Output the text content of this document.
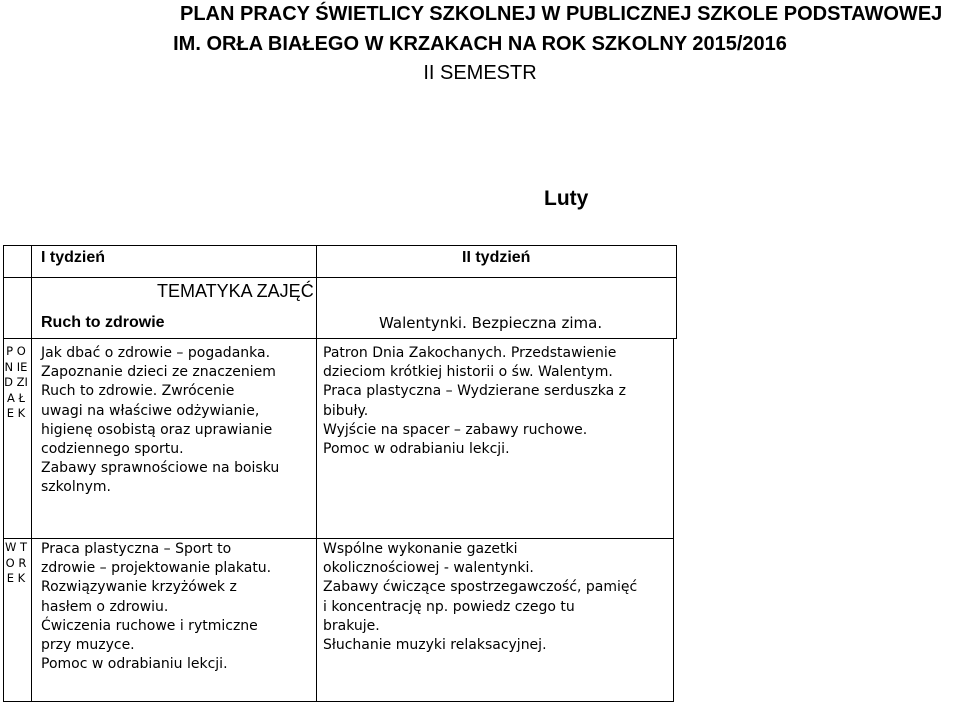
PLAN PRACY ŚWIETLICY SZKOLNEJ W PUBLICZNEJ SZKOLE PODSTAWOWEJ
IM. ORŁA BIAŁEGO W KRZAKACH NA ROK SZKOLNY 2015/2016
II SEMESTR
Luty
P O N IE D ZI A Ł E K
W T O R E K
I tydzień	II tydzień
TEMATYKA ZAJĘĆ
Ruch to zdrowie	Walentynki. Bezpieczna zima.
Jak dbać o zdrowie – pogadanka.
Zapoznanie dzieci ze znaczeniem
Ruch to zdrowie. Zwrócenie
uwagi na właściwe odżywianie,
higienę osobistą oraz uprawianie
codziennego sportu.
Zabawy sprawnościowe na boisku
szkolnym.
Patron Dnia Zakochanych. Przedstawienie
dzieciom krótkiej historii o św. Walentym.
Praca plastyczna – Wydzierane serduszka z
bibuły.
Wyjście na spacer – zabawy ruchowe.
Pomoc w odrabianiu lekcji.
Praca plastyczna – Sport to
zdrowie – projektowanie plakatu.
Rozwiązywanie krzyżówek z
hasłem o zdrowiu.
Ćwiczenia ruchowe i rytmiczne
przy muzyce.
Pomoc w odrabianiu lekcji.
Wspólne wykonanie gazetki
okolicznościowej - walentynki.
Zabawy ćwiczące spostrzegawczość, pamięć
i koncentrację np. powiedz czego tu
brakuje.
Słuchanie muzyki relaksacyjnej.
